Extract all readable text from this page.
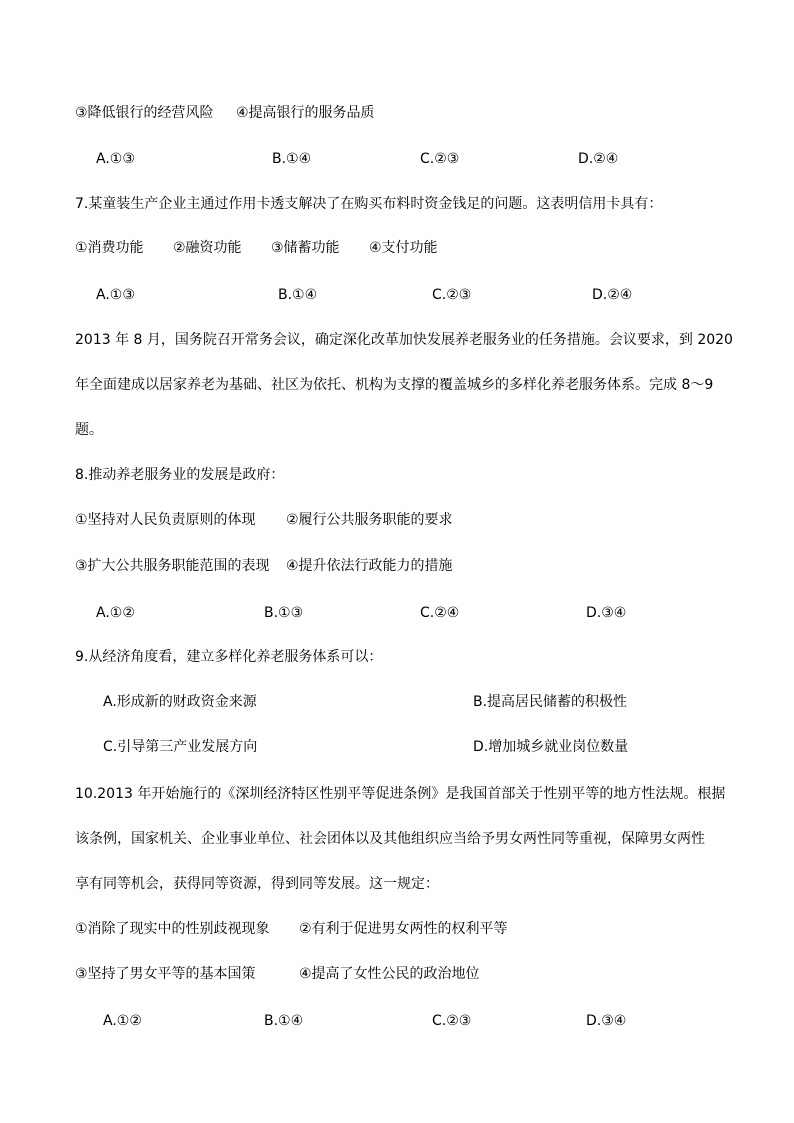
③降低银行的经营风险 ④提高银行的服务品质
A.①③	B.①④	C.②③	D.②④
7.某童装生产企业主通过作用卡透支解决了在购买布料时资金钱足的问题。这表明信用卡具有：
①消费功能 ②融资功能 ③储蓄功能 ④支付功能
A.①③	B.①④	C.②③	D.②④
2013 年 8 月，国务院召开常务会议，确定深化改革加快发展养老服务业的任务措施。会议要求，到 2020
年全面建成以居家养老为基础、社区为依托、机构为支撑的覆盖城乡的多样化养老服务体系。完成 8～9
题。
8.推动养老服务业的发展是政府：
①坚持对人民负责原则的体现 ②履行公共服务职能的要求
③扩大公共服务职能范围的表现 ④提升依法行政能力的措施
A.①②	B.①③	C.②④	D.③④
9.从经济角度看，建立多样化养老服务体系可以：
A.形成新的财政资金来源	B.提高居民储蓄的积极性
C.引导第三产业发展方向	D.增加城乡就业岗位数量
10.2013 年开始施行的《深圳经济特区性别平等促进条例》是我国首部关于性别平等的地方性法规。根据
该条例，国家机关、企业事业单位、社会团体以及其他组织应当给予男女两性同等重视，保障男女两性
享有同等机会，获得同等资源，得到同等发展。这一规定：
①消除了现实中的性别歧视现象 ②有利于促进男女两性的权利平等
③坚持了男女平等的基本国策	④提高了女性公民的政治地位
A.①②	B.①④	C.②③	D.③④
